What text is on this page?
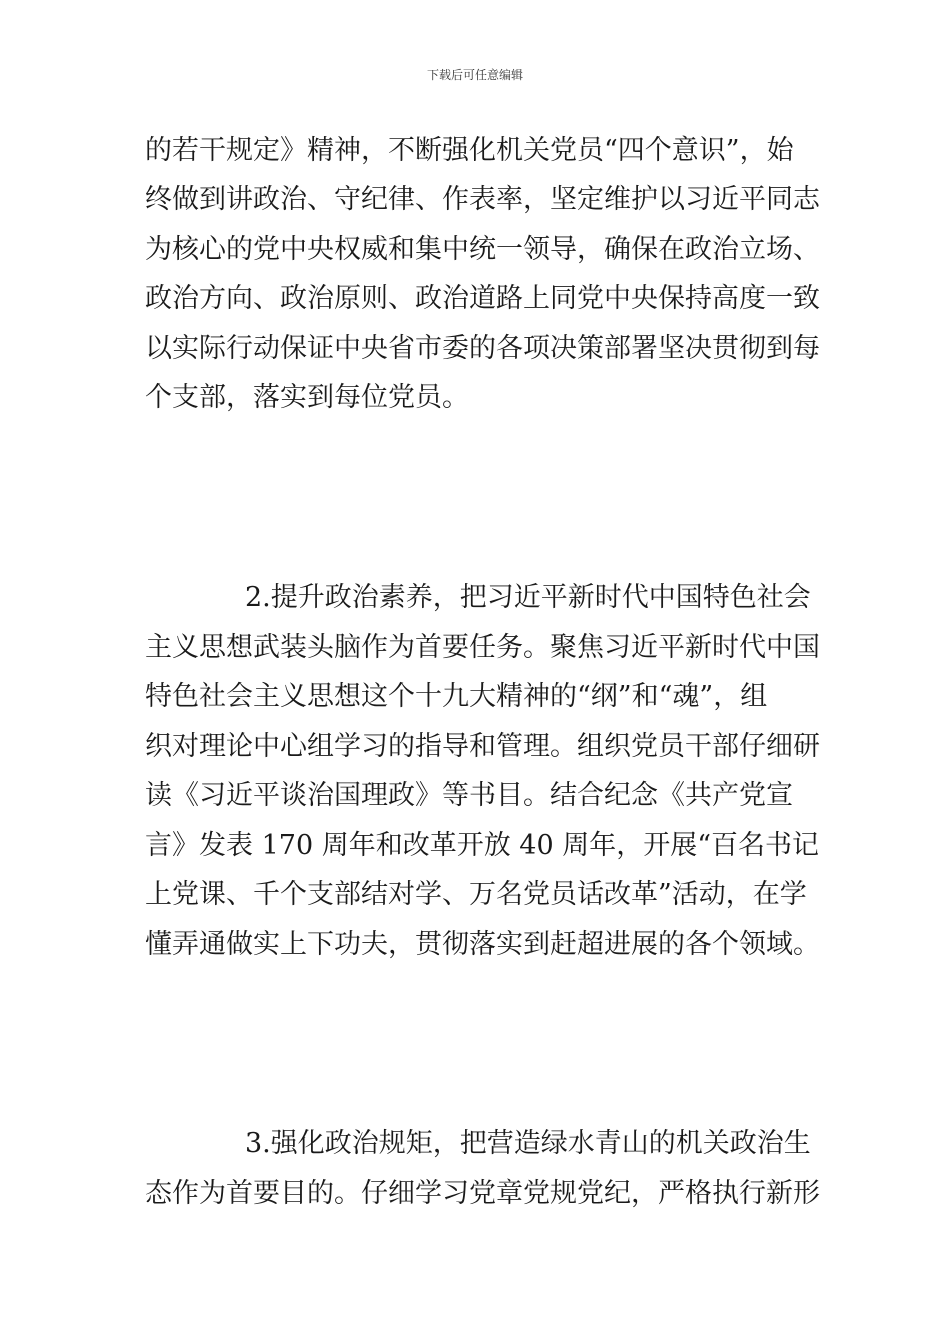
下载后可任意编辑
的若干规定》精神，不断强化机关党员“四个意识”，始
终做到讲政治、守纪律、作表率，坚定维护以习近平同志
为核心的党中央权威和集中统一领导，确保在政治立场、
政治方向、政治原则、政治道路上同党中央保持高度一致
以实际行动保证中央省市委的各项决策部署坚决贯彻到每
个支部，落实到每位党员。
2.提升政治素养，把习近平新时代中国特色社会
主义思想武装头脑作为首要任务。聚焦习近平新时代中国
特色社会主义思想这个十九大精神的“纲”和“魂”，组
织对理论中心组学习的指导和管理。组织党员干部仔细研
读《习近平谈治国理政》等书目。结合纪念《共产党宣
言》发表 170 周年和改革开放 40 周年，开展“百名书记
上党课、千个支部结对学、万名党员话改革”活动，在学
懂弄通做实上下功夫，贯彻落实到赶超进展的各个领域。
3.强化政治规矩，把营造绿水青山的机关政治生
态作为首要目的。仔细学习党章党规党纪，严格执行新形
